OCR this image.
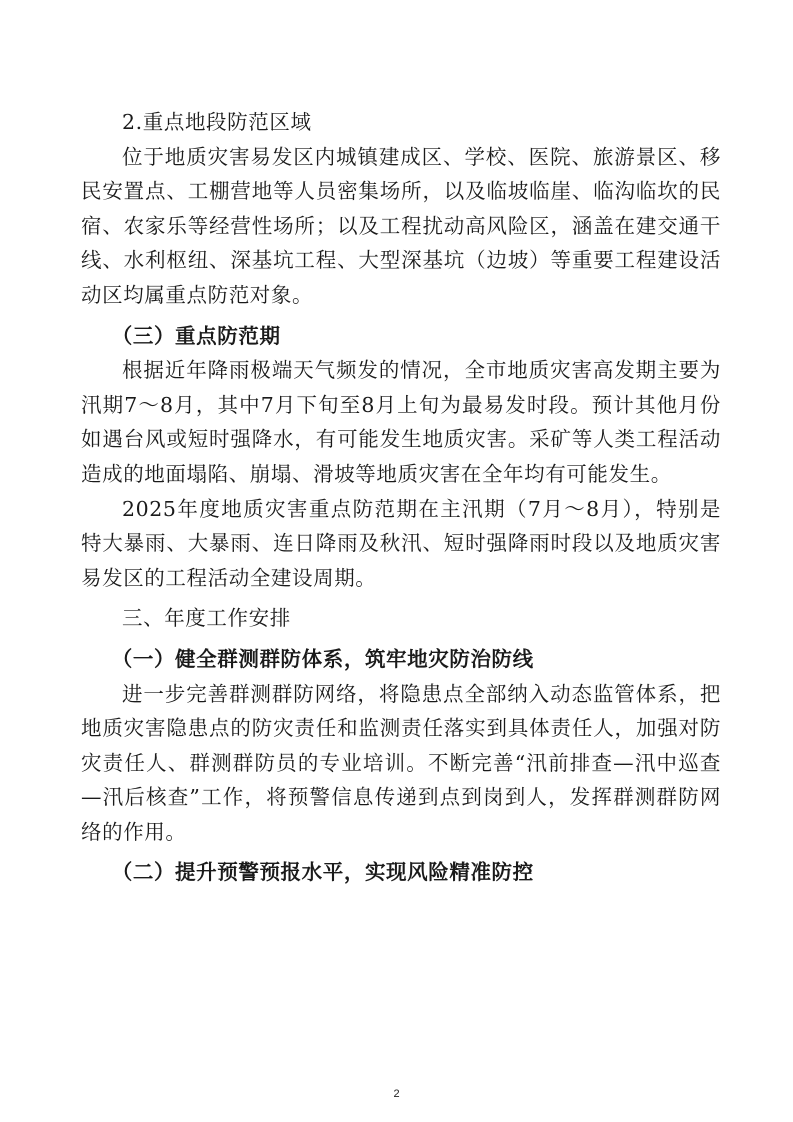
2.重点地段防范区域

位于地质灾害易发区内城镇建成区、学校、医院、旅游景区、移民安置点、工棚营地等人员密集场所，以及临坡临崖、临沟临坎的民宿、农家乐等经营性场所；以及工程扰动高风险区，涵盖在建交通干线、水利枢纽、深基坑工程、大型深基坑（边坡）等重要工程建设活动区均属重点防范对象。

（三）重点防范期

根据近年降雨极端天气频发的情况，全市地质灾害高发期主要为汛期7～8月，其中7月下旬至8月上旬为最易发时段。预计其他月份如遇台风或短时强降水，有可能发生地质灾害。采矿等人类工程活动造成的地面塌陷、崩塌、滑坡等地质灾害在全年均有可能发生。

2025年度地质灾害重点防范期在主汛期（7月～8月），特别是特大暴雨、大暴雨、连日降雨及秋汛、短时强降雨时段以及地质灾害易发区的工程活动全建设周期。

三、年度工作安排

（一）健全群测群防体系，筑牢地灾防治防线

进一步完善群测群防网络，将隐患点全部纳入动态监管体系，把地质灾害隐患点的防灾责任和监测责任落实到具体责任人，加强对防灾责任人、群测群防员的专业培训。不断完善“汛前排查—汛中巡查—汛后核查”工作，将预警信息传递到点到岗到人，发挥群测群防网络的作用。

（二）提升预警预报水平，实现风险精准防控

2
